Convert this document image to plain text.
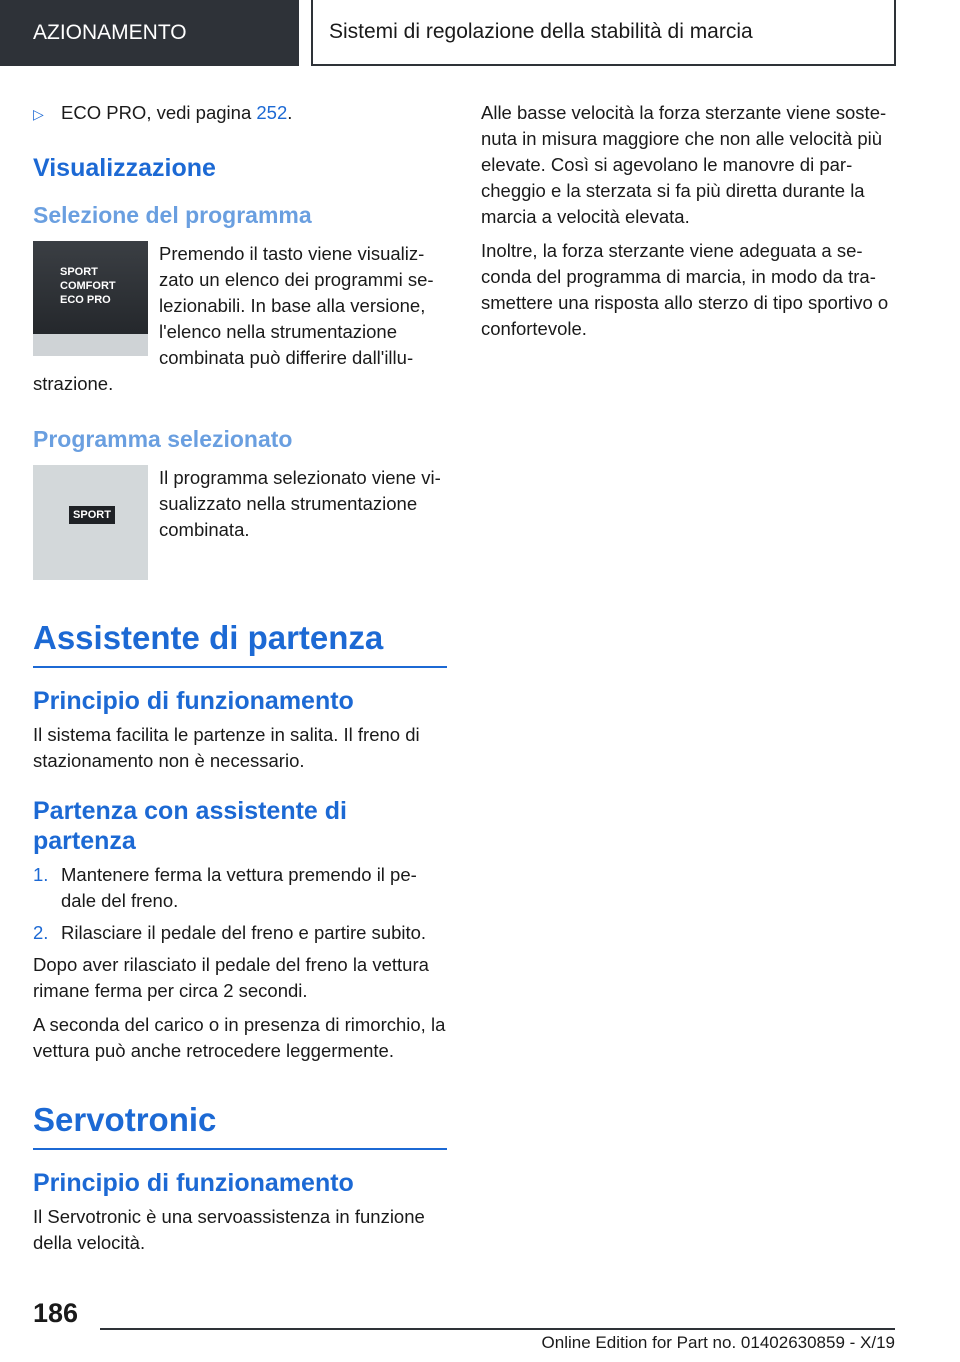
AZIONAMENTO	Sistemi di regolazione della stabilità di marcia

▷ ECO PRO, vedi pagina 252.

Visualizzazione
Selezione del programma
SPORT
COMFORT
ECO PRO
Premendo il tasto viene visualiz-zato un elenco dei programmi se-lezionabili. In base alla versione, l'elenco nella strumentazione combinata può differire dall'illu-

strazione.

Programma selezionato
SPORT
Il programma selezionato viene vi-sualizzato nella strumentazione combinata.
Assistente di partenza
Principio di funzionamento

Il sistema facilita le partenze in salita. Il freno di stazionamento non è necessario.

Partenza con assistente di partenza
1. Mantenere ferma la vettura premendo il pe-dale del freno.
2. Rilasciare il pedale del freno e partire subito.

Dopo aver rilasciato il pedale del freno la vettura rimane ferma per circa 2 secondi.

A seconda del carico o in presenza di rimorchio, la vettura può anche retrocedere leggermente.

Servotronic
Principio di funzionamento

Il Servotronic è una servoassistenza in funzione della velocità.

Alle basse velocità la forza sterzante viene soste-nuta in misura maggiore che non alle velocità più elevate. Così si agevolano le manovre di par-cheggio e la sterzata si fa più diretta durante la marcia a velocità elevata.

Inoltre, la forza sterzante viene adeguata a se-conda del programma di marcia, in modo da tra-smettere una risposta allo sterzo di tipo sportivo o confortevole.

186
Online Edition for Part no. 01402630859 - X/19
